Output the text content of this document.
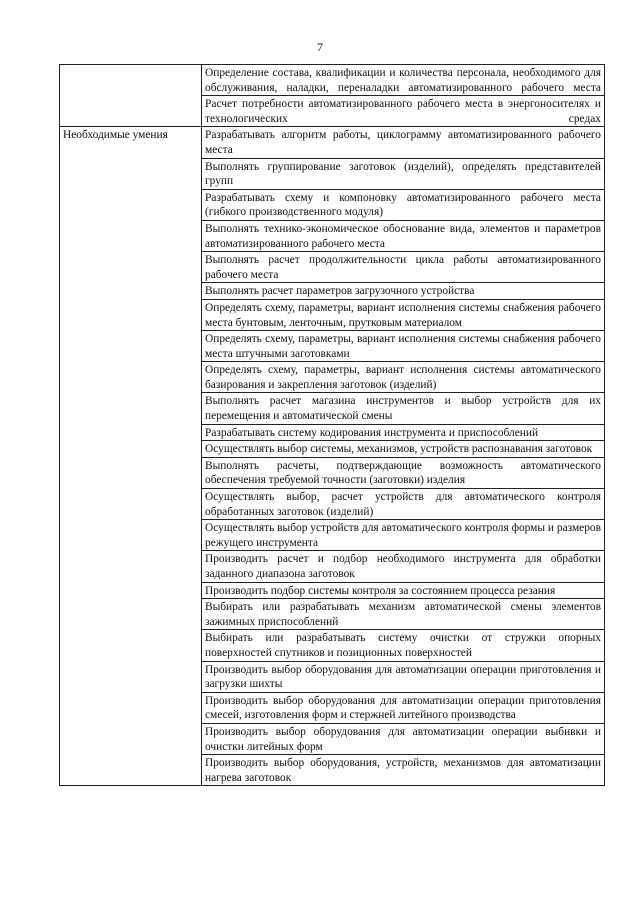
7
	Определение состава, квалификации и количества персонала, необходимого для обслуживания, наладки, переналадки автоматизированного рабочего места
	Расчет потребности автоматизированного рабочего места в энергоносителях и технологических средах
Необходимые умения	Разрабатывать алгоритм работы, циклограмму автоматизированного рабочего места
	Выполнять группирование заготовок (изделий), определять представителей групп
	Разрабатывать схему и компоновку автоматизированного рабочего места (гибкого производственного модуля)
	Выполнять технико-экономическое обоснование вида, элементов и параметров автоматизированного рабочего места
	Выполнять расчет продолжительности цикла работы автоматизированного рабочего места
	Выполнять расчет параметров загрузочного устройства
	Определять схему, параметры, вариант исполнения системы снабжения рабочего места бунтовым, ленточным, прутковым материалом
	Определять схему, параметры, вариант исполнения системы снабжения рабочего места штучными заготовками
	Определять схему, параметры, вариант исполнения системы автоматического базирования и закрепления заготовок (изделий)
	Выполнять расчет магазина инструментов и выбор устройств для их перемещения и автоматической смены
	Разрабатывать систему кодирования инструмента и приспособлений
	Осуществлять выбор системы, механизмов, устройств распознавания заготовок
	Выполнять расчеты, подтверждающие возможность автоматического обеспечения требуемой точности (заготовки) изделия
	Осуществлять выбор, расчет устройств для автоматического контроля обработанных заготовок (изделий)
	Осуществлять выбор устройств для автоматического контроля формы и размеров режущего инструмента
	Производить расчет и подбор необходимого инструмента для обработки заданного диапазона заготовок
	Производить подбор системы контроля за состоянием процесса резания
	Выбирать или разрабатывать механизм автоматической смены элементов зажимных приспособлений
	Выбирать или разрабатывать систему очистки от стружки опорных поверхностей спутников и позиционных поверхностей
	Производить выбор оборудования для автоматизации операции приготовления и загрузки шихты
	Производить выбор оборудования для автоматизации операции приготовления смесей, изготовления форм и стержней литейного производства
	Производить выбор оборудования для автоматизации операции выбивки и очистки литейных форм
	Производить выбор оборудования, устройств, механизмов для автоматизации нагрева заготовок
